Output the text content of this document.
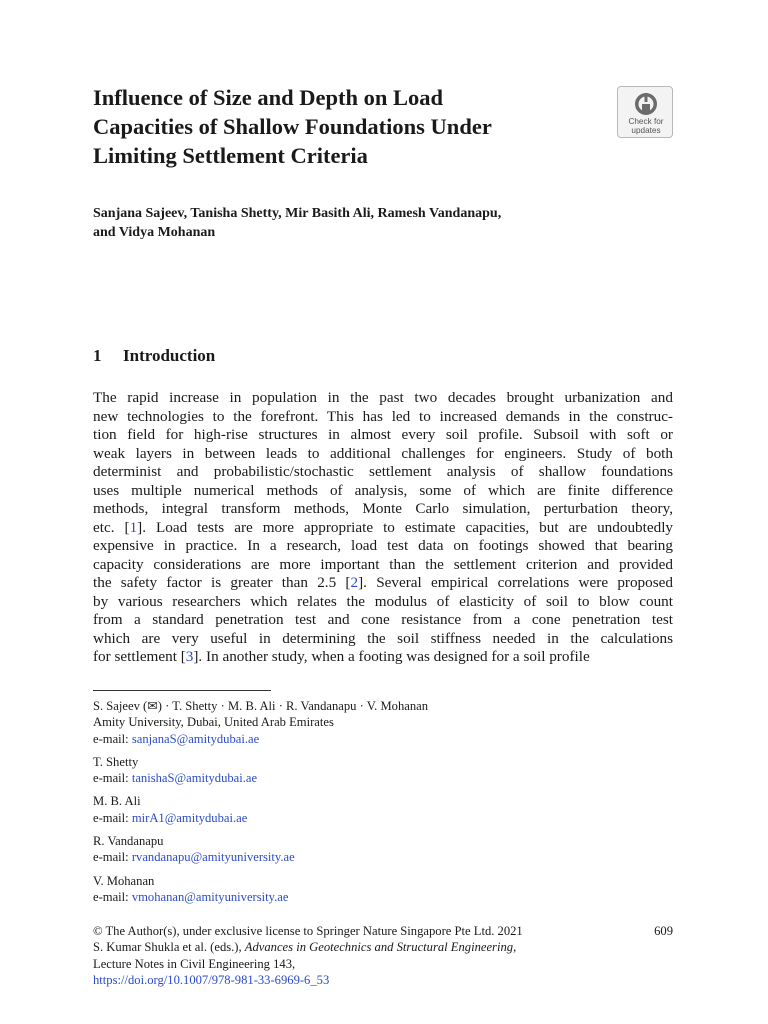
Influence of Size and Depth on Load
Capacities of Shallow Foundations Under
Limiting Settlement Criteria
Check for
updates
Sanjana Sajeev, Tanisha Shetty, Mir Basith Ali, Ramesh Vandanapu,
and Vidya Mohanan
1 Introduction
The rapid increase in population in the past two decades brought urbanization and
new technologies to the forefront. This has led to increased demands in the construc-
tion field for high-rise structures in almost every soil profile. Subsoil with soft or
weak layers in between leads to additional challenges for engineers. Study of both
determinist and probabilistic/stochastic settlement analysis of shallow foundations
uses multiple numerical methods of analysis, some of which are finite difference
methods, integral transform methods, Monte Carlo simulation, perturbation theory,
etc. [1]. Load tests are more appropriate to estimate capacities, but are undoubtedly
expensive in practice. In a research, load test data on footings showed that bearing
capacity considerations are more important than the settlement criterion and provided
the safety factor is greater than 2.5 [2]. Several empirical correlations were proposed
by various researchers which relates the modulus of elasticity of soil to blow count
from a standard penetration test and cone resistance from a cone penetration test
which are very useful in determining the soil stiffness needed in the calculations
for settlement [3]. In another study, when a footing was designed for a soil profile
S. Sajeev (✉) · T. Shetty · M. B. Ali · R. Vandanapu · V. Mohanan
Amity University, Dubai, United Arab Emirates
e-mail: sanjanaS@amitydubai.ae
T. Shetty
e-mail: tanishaS@amitydubai.ae
M. B. Ali
e-mail: mirA1@amitydubai.ae
R. Vandanapu
e-mail: rvandanapu@amityuniversity.ae
V. Mohanan
e-mail: vmohanan@amityuniversity.ae
© The Author(s), under exclusive license to Springer Nature Singapore Pte Ltd. 2021
S. Kumar Shukla et al. (eds.), Advances in Geotechnics and Structural Engineering,
Lecture Notes in Civil Engineering 143,
https://doi.org/10.1007/978-981-33-6969-6_53
609
